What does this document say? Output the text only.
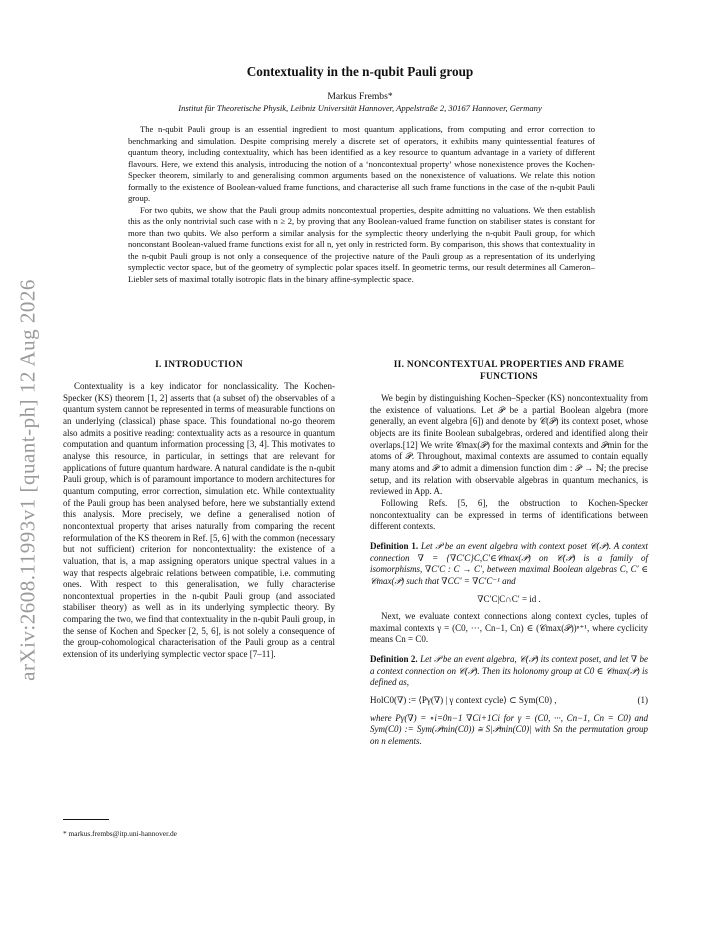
arXiv:2608.11993v1 [quant-ph] 12 Aug 2026
Contextuality in the n-qubit Pauli group
Markus Frembs*
Institut für Theoretische Physik, Leibniz Universität Hannover, Appelstraße 2, 30167 Hannover, Germany

The n-qubit Pauli group is an essential ingredient to most quantum applications, from computing and error correction to benchmarking and simulation. Despite comprising merely a discrete set of operators, it exhibits many quintessential features of quantum theory, including contextuality, which has been identified as a key resource to quantum advantage in a variety of different flavours. Here, we extend this analysis, introducing the notion of a ‘noncontextual property’ whose nonexistence proves the Kochen-Specker theorem, similarly to and generalising common arguments based on the nonexistence of valuations. We relate this notion formally to the existence of Boolean-valued frame functions, and characterise all such frame functions in the case of the n-qubit Pauli group.

For two qubits, we show that the Pauli group admits noncontextual properties, despite admitting no valuations. We then establish this as the only nontrivial such case with n ≥ 2, by proving that any Boolean-valued frame function on stabiliser states is constant for more than two qubits. We also perform a similar analysis for the symplectic theory underlying the n-qubit Pauli group, for which nonconstant Boolean-valued frame functions exist for all n, yet only in restricted form. By comparison, this shows that contextuality in the n-qubit Pauli group is not only a consequence of the projective nature of the Pauli group as a representation of its underlying symplectic vector space, but of the geometry of symplectic polar spaces itself. In geometric terms, our result determines all Cameron–Liebler sets of maximal totally isotropic flats in the binary affine-symplectic space.

I. INTRODUCTION

Contextuality is a key indicator for nonclassicality. The Kochen-Specker (KS) theorem [1, 2] asserts that (a subset of) the observables of a quantum system cannot be represented in terms of measurable functions on an underlying (classical) phase space. This foundational no-go theorem also admits a positive reading: contextuality acts as a resource in quantum computation and quantum information processing [3, 4]. This motivates to analyse this resource, in particular, in settings that are relevant for applications of future quantum hardware. A natural candidate is the n-qubit Pauli group, which is of paramount importance to modern architectures for quantum computing, error correction, simulation etc. While contextuality of the Pauli group has been analysed before, here we substantially extend this analysis. More precisely, we define a generalised notion of noncontextual property that arises naturally from comparing the recent reformulation of the KS theorem in Ref. [5, 6] with the common (necessary but not sufficient) criterion for noncontextuality: the existence of a valuation, that is, a map assigning operators unique spectral values in a way that respects algebraic relations between compatible, i.e. commuting ones. With respect to this generalisation, we fully characterise noncontextual properties in the n-qubit Pauli group (and associated stabiliser theory) as well as in its underlying symplectic theory. By comparing the two, we find that contextuality in the n-qubit Pauli group, in the sense of Kochen and Specker [2, 5, 6], is not solely a consequence of the group-cohomological characterisation of the Pauli group as a central extension of its underlying symplectic vector space [7–11].

II. NONCONTEXTUAL PROPERTIES AND FRAME FUNCTIONS

We begin by distinguishing Kochen–Specker (KS) noncontextuality from the existence of valuations. Let 𝒫 be a partial Boolean algebra (more generally, an event algebra [6]) and denote by 𝒞(𝒫) its context poset, whose objects are its finite Boolean subalgebras, ordered and identified along their overlaps.[12] We write 𝒞max(𝒫) for the maximal contexts and 𝒫min for the atoms of 𝒫. Throughout, maximal contexts are assumed to contain equally many atoms and 𝒫 to admit a dimension function dim : 𝒫 → ℕ; the precise setup, and its relation with observable algebras in quantum mechanics, is reviewed in App. A.

Following Refs. [5, 6], the obstruction to Kochen-Specker noncontextuality can be expressed in terms of identifications between different contexts.

Definition 1. Let 𝒫 be an event algebra with context poset 𝒞(𝒫). A context connection ∇ = {∇C′C}C,C′∈𝒞max(𝒫) on 𝒞(𝒫) is a family of isomorphisms, ∇C′C : C → C′, between maximal Boolean algebras C, C′ ∈ 𝒞max(𝒫) such that ∇CC′ = ∇C′C⁻¹ and

∇C′C|C∩C′ = id .

Next, we evaluate context connections along context cycles, tuples of maximal contexts γ = (C0, ···, Cn−1, Cn) ∈ (𝒞max(𝒫))ⁿ⁺¹, where cyclicity means Cn = C0.

Definition 2. Let 𝒫 be an event algebra, 𝒞(𝒫) its context poset, and let ∇ be a context connection on 𝒞(𝒫). Then its holonomy group at C0 ∈ 𝒞max(𝒫) is defined as,

HolC0(∇) := ⟨Pγ(∇) | γ context cycle⟩ ⊂ Sym(C0) ,	(1)

where Pγ(∇) = ∘i=0n−1 ∇Ci+1Ci for γ = (C0, ···, Cn−1, Cn = C0) and Sym(C0) := Sym(𝒫min(C0)) ≅ S|𝒫min(C0)| with Sn the permutation group on n elements.

* markus.frembs@itp.uni-hannover.de
